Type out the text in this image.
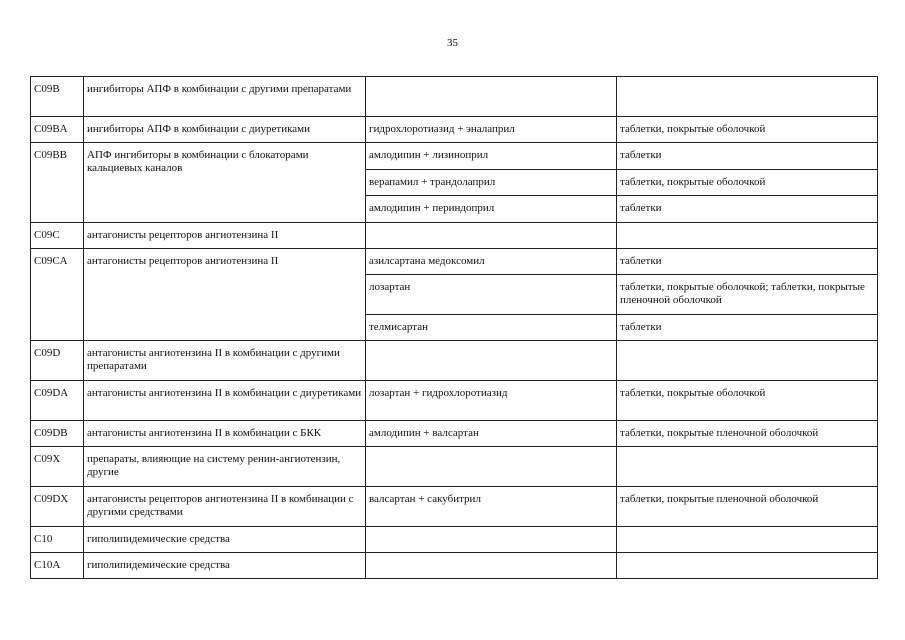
35
C09B	ингибиторы АПФ в комбинации с другими препаратами		
C09BA	ингибиторы АПФ в комбинации с диуретиками	гидрохлоротиазид + эналаприл	таблетки, покрытые оболочкой
C09BB	АПФ ингибиторы в комбинации с блокаторами кальциевых каналов	амлодипин + лизиноприл	таблетки
		верапамил + трандолаприл	таблетки, покрытые оболочкой
		амлодипин + периндоприл	таблетки
C09C	антагонисты рецепторов ангиотензина II		
C09CA	антагонисты рецепторов ангиотензина II	азилсартана медоксомил	таблетки
		лозартан	таблетки, покрытые оболочкой; таблетки, покрытые пленочной оболочкой
		телмисартан	таблетки
C09D	антагонисты ангиотензина II в комбинации с другими препаратами		
C09DA	антагонисты ангиотензина II в комбинации с диуретиками	лозартан + гидрохлоротиазид	таблетки, покрытые оболочкой
C09DB	антагонисты ангиотензина II в комбинации с БКК	амлодипин + валсартан	таблетки, покрытые пленочной оболочкой
C09X	препараты, влияющие на систему ренин-ангиотензин, другие		
C09DX	антагонисты рецепторов ангиотензина II в комбинации с другими средствами	валсартан + сакубитрил	таблетки, покрытые пленочной оболочкой
C10	гиполипидемические средства		
C10A	гиполипидемические средства		
